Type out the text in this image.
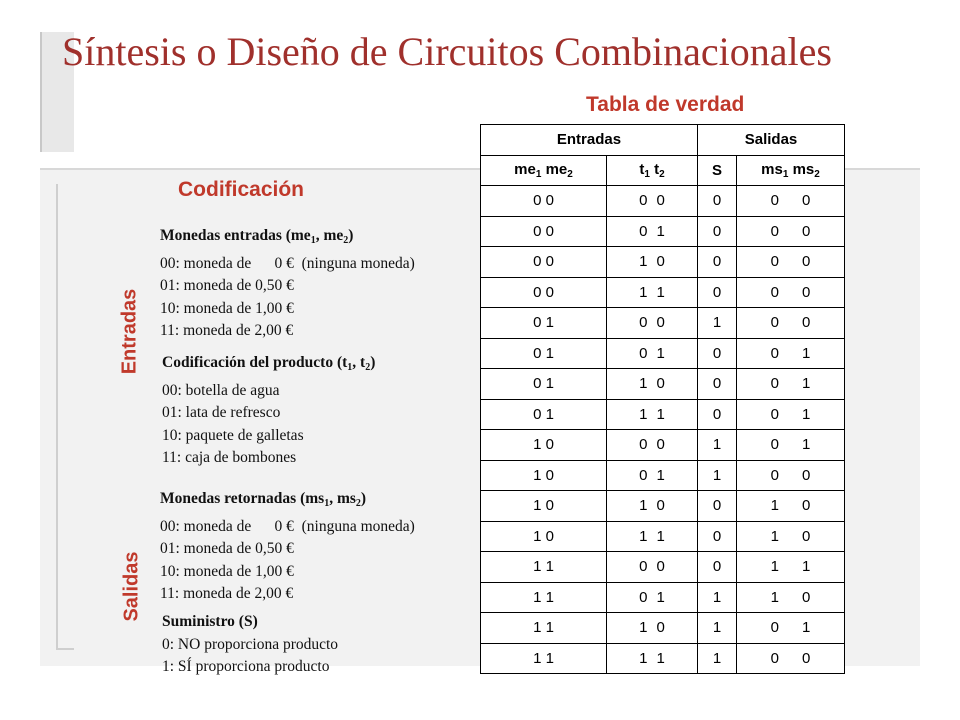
Síntesis o Diseño de Circuitos Combinacionales
Tabla de verdad
Codificación
Entradas
Salidas
Monedas entradas ($me_1$, $me_2$)
00: moneda de      0 €  (ninguna moneda)
01: moneda de 0,50 €
10: moneda de 1,00 €
11: moneda de 2,00 €
Codificación del producto ($t_1$, $t_2$)
00: botella de agua
01: lata de refresco
10: paquete de galletas
11: caja de bombones
Monedas retornadas ($ms_1$, $ms_2$)
00: moneda de      0 €  (ninguna moneda)
01: moneda de 0,50 €
10: moneda de 1,00 €
11: moneda de 2,00 €
Suministro (S)
0: NO proporciona producto
1: SÍ proporciona producto
Entradas		Salidas	
$me_1$ $me_2$	$t_1$ $t_2$	S	$ms_1$ $ms_2$
0 0	0 0	0	0 0

0 0	0 1	0	0 0

0 0	1 0	0	0 0

0 0	1 1	0	0 0

0 1	0 0	1	0 0

0 1	0 1	0	0 1

0 1	1 0	0	0 1

0 1	1 1	0	0 1

1 0	0 0	1	0 1

1 0	0 1	1	0 0

1 0	1 0	0	1 0

1 0	1 1	0	1 0

1 1	0 0	0	1 1

1 1	0 1	1	1 0

1 1	1 0	1	0 1

1 1	1 1	1	0 0
